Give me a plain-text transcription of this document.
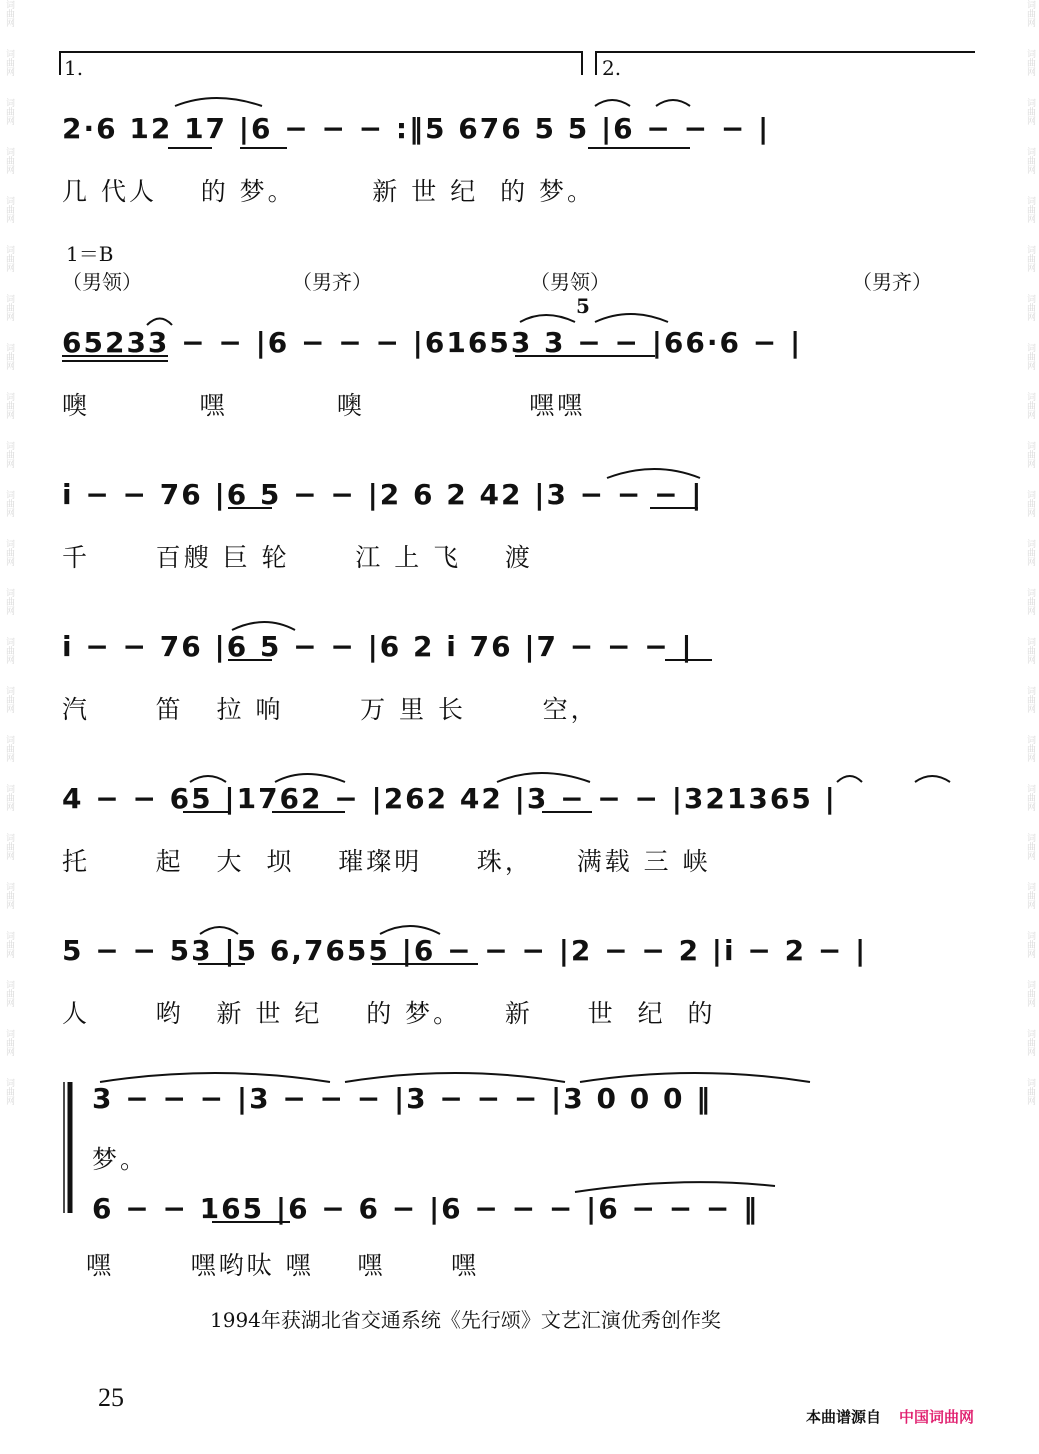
词曲网
词曲网
词曲网
词曲网
词曲网
词曲网
词曲网
词曲网
词曲网
词曲网
词曲网
词曲网
词曲网
词曲网
词曲网
词曲网
词曲网
词曲网
词曲网
词曲网
词曲网
词曲网
词曲网
词曲网
词曲网
词曲网
词曲网
词曲网
词曲网
词曲网
词曲网
词曲网
词曲网
词曲网
词曲网
词曲网
词曲网
词曲网
词曲网
词曲网
词曲网
词曲网
词曲网
词曲网
词曲网
词曲网
2·6 12 17 |6 − − − :‖5 676 5 5 |6 − − − |
几 代人    的 梦。       新 世 纪  的 梦。
1.	2.
1＝B
（男领）	（男齐）	（男领）	（男齐）
5
65233 − − |6 − − − |61653 3 − − |66·6 − |
噢          嘿          噢               嘿嘿
i − − 76 |6 5 − − |2 6 2 42 |3 − − − |
千      百艘 巨 轮      江 上 飞    渡
i − − 76 |6 5 − − |6 2 i 76 |7 − − − |
汽      笛   拉 响       万 里 长       空，
4 − − 65 |1762 − |262 42 |3 − − − |321365 |
托      起   大  坝    璀璨明     珠，    满载 三 峡
5 − − 53 |5 6,7655 |6 − − − |2 − − 2 |i − 2 − |
人      哟   新 世 纪    的 梦。    新     世  纪  的
3 − − − |3 − − − |3 − − − |3 0 0 0 ‖
梦。
6 − − 165 |6 − 6 − |6 − − − |6 − − − ‖
嘿       嘿哟呔 嘿    嘿      嘿
1994年获湖北省交通系统《先行颂》文艺汇演优秀创作奖
25
本曲谱源自 中国词曲网
